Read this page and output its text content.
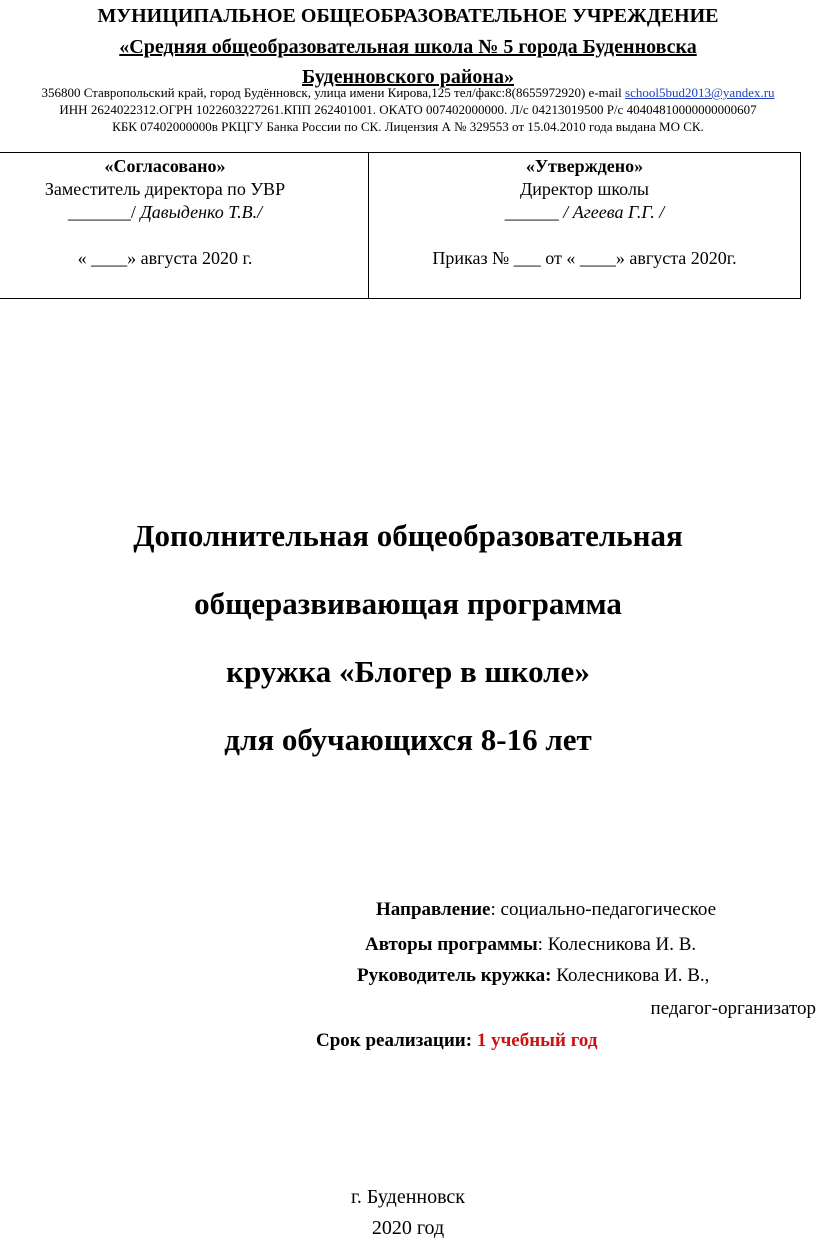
МУНИЦИПАЛЬНОЕ ОБЩЕОБРАЗОВАТЕЛЬНОЕ УЧРЕЖДЕНИЕ
«Средняя общеобразовательная школа № 5 города Буденновска
Буденновского района»
356800 Ставропольский край, город Будённовск, улица имени Кирова,125 тел/факс:8(8655972920) e-mail school5bud2013@yandex.ru
ИНН 2624022312.ОГРН 1022603227261.КПП 262401001. ОКАТО 007402000000. Л/с 04213019500 Р/с 40404810000000000607
КБК 07402000000в РКЦГУ Банка России по СК. Лицензия А № 329553 от 15.04.2010 года выдана МО СК.
«Согласовано»
Заместитель директора по УВР
_______/ Давыденко Т.В./
« ____» августа 2020 г.
«Утверждено»
Директор школы
______ / Агеева Г.Г. /
Приказ № ___ от « ____» августа 2020г.
Дополнительная общеобразовательная
общеразвивающая программа
кружка «Блогер в школе»
для обучающихся 8-16 лет
Направление: социально-педагогическое
Авторы программы: Колесникова И. В.
Руководитель кружка: Колесникова И. В.,
педагог-организатор
Срок реализации: 1 учебный год
г. Буденновск
2020 год
